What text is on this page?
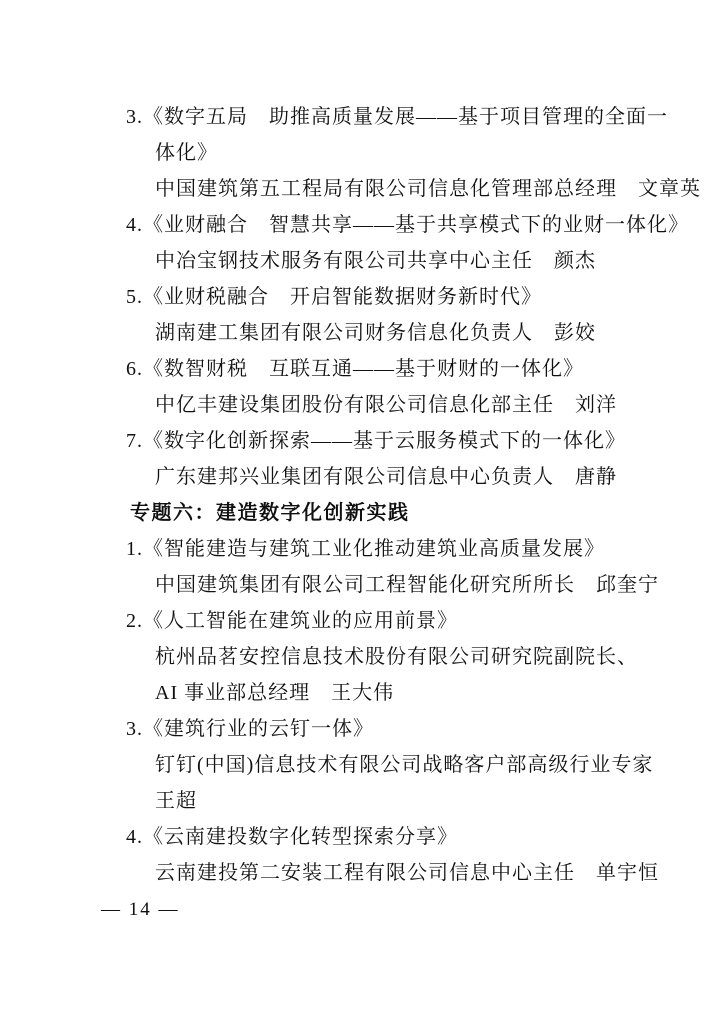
3.《数字五局　助推高质量发展——基于项目管理的全面一
体化》
中国建筑第五工程局有限公司信息化管理部总经理　文章英
4.《业财融合　智慧共享——基于共享模式下的业财一体化》
中冶宝钢技术服务有限公司共享中心主任　颜杰
5.《业财税融合　开启智能数据财务新时代》
湖南建工集团有限公司财务信息化负责人　彭姣
6.《数智财税　互联互通——基于财财的一体化》
中亿丰建设集团股份有限公司信息化部主任　刘洋
7.《数字化创新探索——基于云服务模式下的一体化》
广东建邦兴业集团有限公司信息中心负责人　唐静
专题六：建造数字化创新实践
1.《智能建造与建筑工业化推动建筑业高质量发展》
中国建筑集团有限公司工程智能化研究所所长　邱奎宁
2.《人工智能在建筑业的应用前景》
杭州品茗安控信息技术股份有限公司研究院副院长、
AI 事业部总经理　王大伟
3.《建筑行业的云钉一体》
钉钉(中国)信息技术有限公司战略客户部高级行业专家
王超
4.《云南建投数字化转型探索分享》
云南建投第二安装工程有限公司信息中心主任　单宇恒
— 14 —
